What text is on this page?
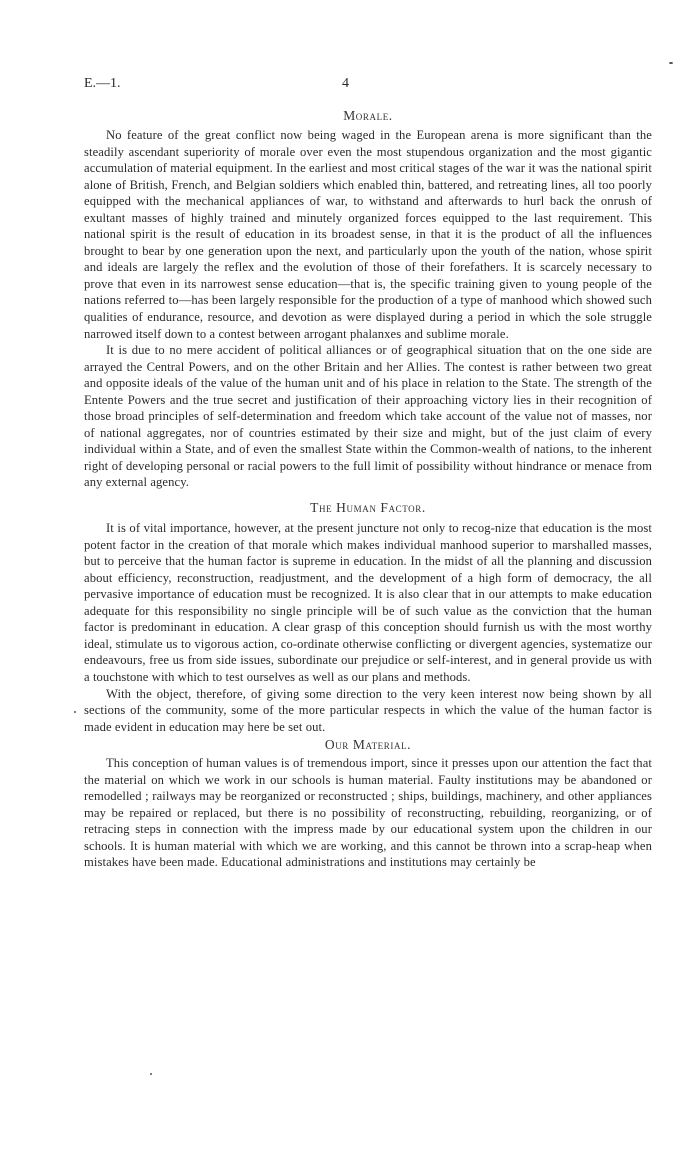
E.—1.	4
Morale.

No feature of the great conflict now being waged in the European arena is more significant than the steadily ascendant superiority of morale over even the most stupendous organization and the most gigantic accumulation of material equipment. In the earliest and most critical stages of the war it was the national spirit alone of British, French, and Belgian soldiers which enabled thin, battered, and retreating lines, all too poorly equipped with the mechanical appliances of war, to withstand and afterwards to hurl back the onrush of exultant masses of highly trained and minutely organized forces equipped to the last requirement. This national spirit is the result of education in its broadest sense, in that it is the product of all the influences brought to bear by one generation upon the next, and particularly upon the youth of the nation, whose spirit and ideals are largely the reflex and the evolution of those of their forefathers. It is scarcely necessary to prove that even in its narrowest sense education—that is, the specific training given to young people of the nations referred to—has been largely responsible for the production of a type of manhood which showed such qualities of endurance, resource, and devotion as were displayed during a period in which the sole struggle narrowed itself down to a contest between arrogant phalanxes and sublime morale.

It is due to no mere accident of political alliances or of geographical situation that on the one side are arrayed the Central Powers, and on the other Britain and her Allies. The contest is rather between two great and opposite ideals of the value of the human unit and of his place in relation to the State. The strength of the Entente Powers and the true secret and justification of their approaching victory lies in their recognition of those broad principles of self-determination and freedom which take account of the value not of masses, nor of national aggregates, nor of countries estimated by their size and might, but of the just claim of every individual within a State, and of even the smallest State within the Common-wealth of nations, to the inherent right of developing personal or racial powers to the full limit of possibility without hindrance or menace from any external agency.

The Human Factor.

It is of vital importance, however, at the present juncture not only to recog-nize that education is the most potent factor in the creation of that morale which makes individual manhood superior to marshalled masses, but to perceive that the human factor is supreme in education. In the midst of all the planning and discussion about efficiency, reconstruction, readjustment, and the development of a high form of democracy, the all pervasive importance of education must be recognized. It is also clear that in our attempts to make education adequate for this responsibility no single principle will be of such value as the conviction that the human factor is predominant in education. A clear grasp of this conception should furnish us with the most worthy ideal, stimulate us to vigorous action, co-ordinate otherwise conflicting or divergent agencies, systematize our endeavours, free us from side issues, subordinate our prejudice or self-interest, and in general provide us with a touchstone with which to test ourselves as well as our plans and methods.

With the object, therefore, of giving some direction to the very keen interest now being shown by all sections of the community, some of the more particular respects in which the value of the human factor is made evident in education may here be set out.

Our Material.

This conception of human values is of tremendous import, since it presses upon our attention the fact that the material on which we work in our schools is human material. Faulty institutions may be abandoned or remodelled ; railways may be reorganized or reconstructed ; ships, buildings, machinery, and other appliances may be repaired or replaced, but there is no possibility of reconstructing, rebuilding, reorganizing, or of retracing steps in connection with the impress made by our educational system upon the children in our schools. It is human material with which we are working, and this cannot be thrown into a scrap-heap when mistakes have been made. Educational administrations and institutions may certainly be
